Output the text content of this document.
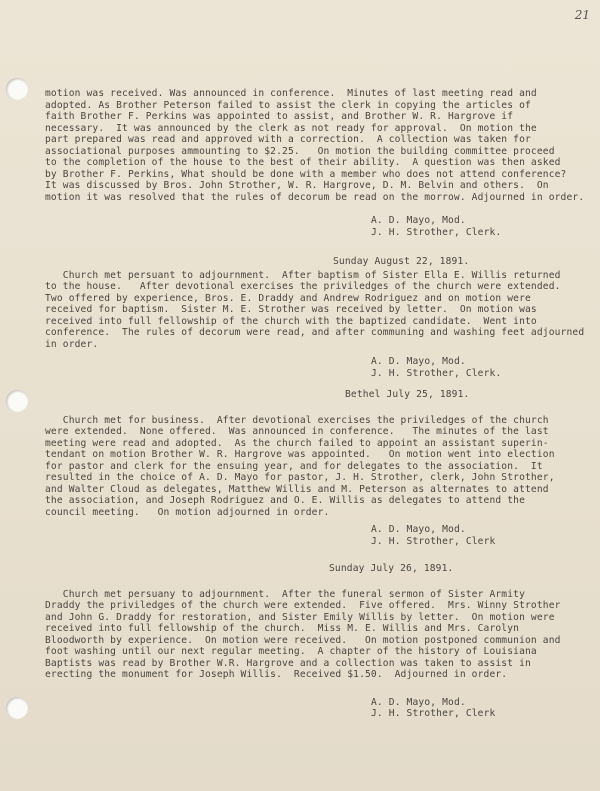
21
motion was received. Was announced in conference.  Minutes of last meeting read and
adopted. As Brother Peterson failed to assist the clerk in copying the articles of
faith Brother F. Perkins was appointed to assist, and Brother W. R. Hargrove if
necessary.  It was announced by the clerk as not ready for approval.  On motion the
part prepared was read and approved with a correction.  A collection was taken for
associational purposes ammounting to $2.25.   On motion the building committee proceed
to the completion of the house to the best of their ability.  A question was then asked
by Brother F. Perkins, What should be done with a member who does not attend conference?
It was discussed by Bros. John Strother, W. R. Hargrove, D. M. Belvin and others.  On
motion it was resolved that the rules of decorum be read on the morrow. Adjourned in order.
A. D. Mayo, Mod.
J. H. Strother, Clerk.
Sunday August 22, 1891.
Church met persuant to adjournment.  After baptism of Sister Ella E. Willis returned
to the house.   After devotional exercises the priviledges of the church were extended.
Two offered by experience, Bros. E. Draddy and Andrew Rodriguez and on motion were
received for baptism.  Sister M. E. Strother was received by letter.  On motion was
received into full fellowship of the church with the baptized candidate.  Went into
conference.  The rules of decorum were read, and after communing and washing feet adjourned
in order.
A. D. Mayo, Mod.
J. H. Strother, Clerk.
Bethel July 25, 1891.
Church met for business.  After devotional exercises the priviledges of the church
were extended.  None offered.  Was announced in conference.   The minutes of the last
meeting were read and adopted.  As the church failed to appoint an assistant superin-
tendant on motion Brother W. R. Hargrove was appointed.   On motion went into election
for pastor and clerk for the ensuing year, and for delegates to the association.  It
resulted in the choice of A. D. Mayo for pastor, J. H. Strother, clerk, John Strother,
and Walter Cloud as delegates, Matthew Willis and M. Peterson as alternates to attend
the association, and Joseph Rodriguez and O. E. Willis as delegates to attend the
council meeting.   On motion adjourned in order.
A. D. Mayo, Mod.
J. H. Strother, Clerk
Sunday July 26, 1891.
Church met persuany to adjournment.  After the funeral sermon of Sister Armity
Draddy the priviledges of the church were extended.  Five offered.  Mrs. Winny Strother
and John G. Draddy for restoration, and Sister Emily Willis by letter.  On motion were
received into full fellowship of the church.  Miss M. E. Willis and Mrs. Carolyn
Bloodworth by experience.  On motion were received.   On motion postponed communion and
foot washing until our next regular meeting.  A chapter of the history of Louisiana
Baptists was read by Brother W.R. Hargrove and a collection was taken to assist in
erecting the monument for Joseph Willis.  Received $1.50.  Adjourned in order.
A. D. Mayo, Mod.
J. H. Strother, Clerk
